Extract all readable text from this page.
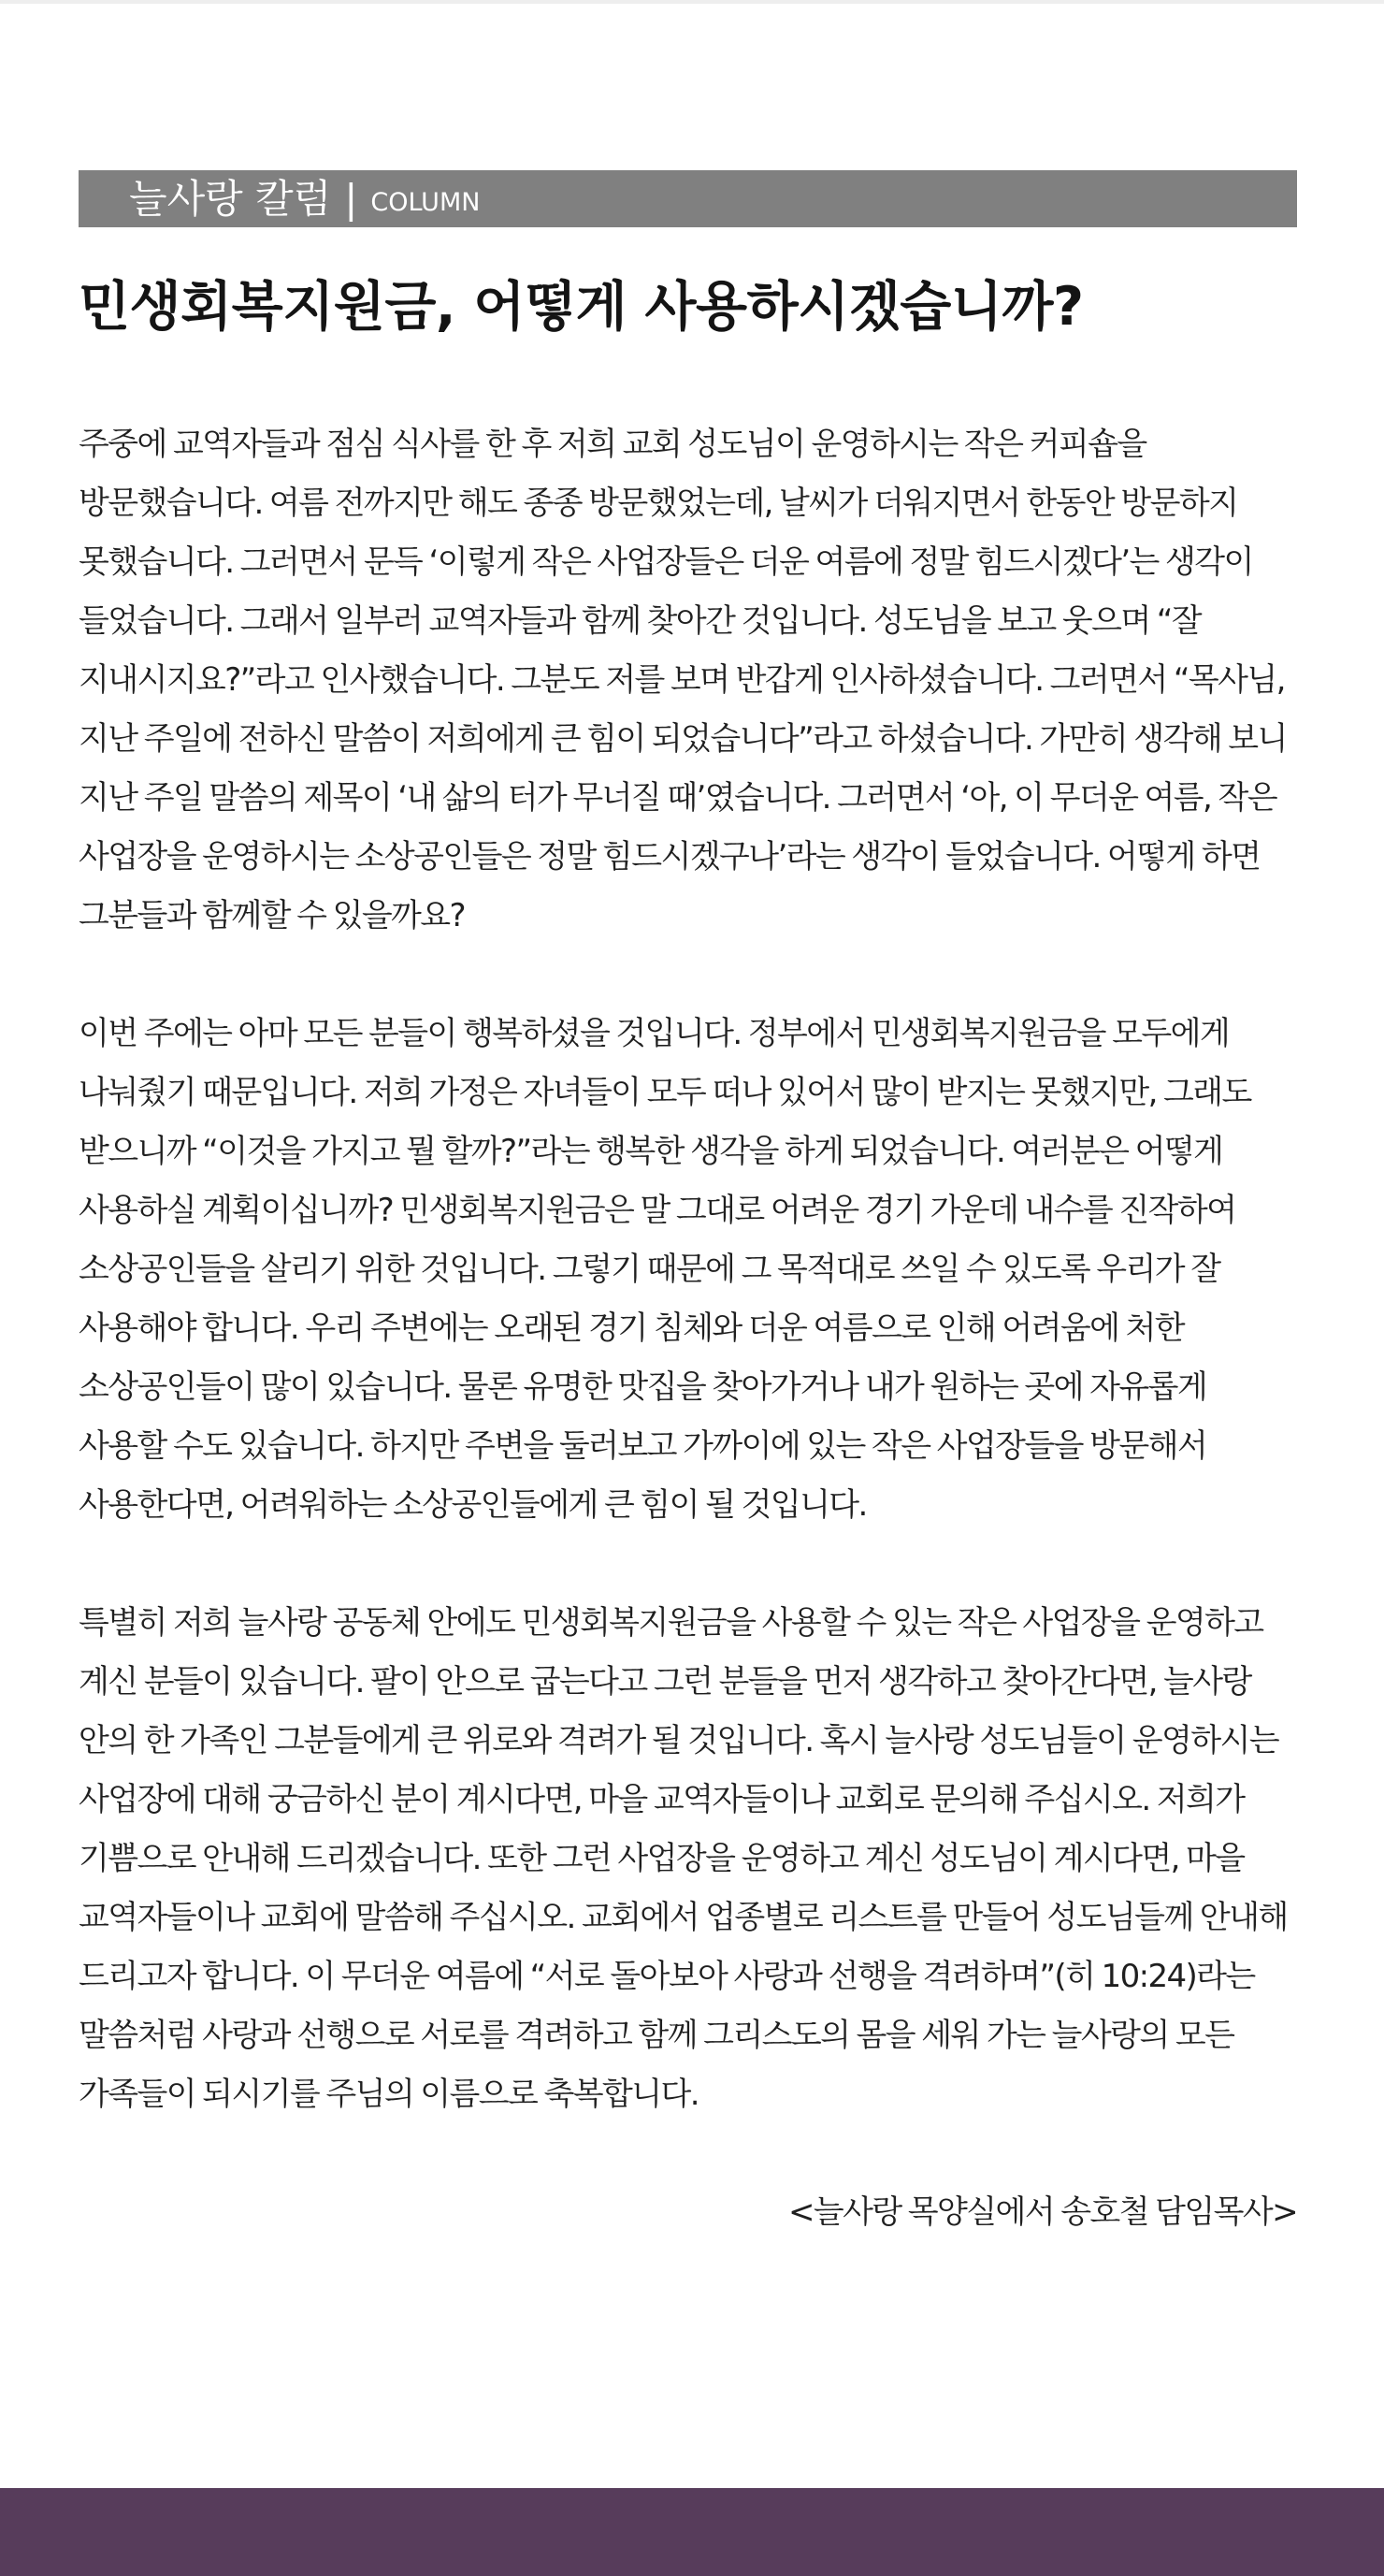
늘사랑 칼럼 | COLUMN
민생회복지원금, 어떻게 사용하시겠습니까?

주중에 교역자들과 점심 식사를 한 후 저희 교회 성도님이 운영하시는 작은 커피숍을 방문했습니다. 여름 전까지만 해도 종종 방문했었는데, 날씨가 더워지면서 한동안 방문하지 못했습니다. 그러면서 문득 ‘이렇게 작은 사업장들은 더운 여름에 정말 힘드시겠다’는 생각이 들었습니다. 그래서 일부러 교역자들과 함께 찾아간 것입니다. 성도님을 보고 웃으며 “잘 지내시지요?”라고 인사했습니다. 그분도 저를 보며 반갑게 인사하셨습니다. 그러면서 “목사님, 지난 주일에 전하신 말씀이 저희에게 큰 힘이 되었습니다”라고 하셨습니다. 가만히 생각해 보니 지난 주일 말씀의 제목이 ‘내 삶의 터가 무너질 때’였습니다. 그러면서 ‘아, 이 무더운 여름, 작은 사업장을 운영하시는 소상공인들은 정말 힘드시겠구나’라는 생각이 들었습니다. 어떻게 하면 그분들과 함께할 수 있을까요?

이번 주에는 아마 모든 분들이 행복하셨을 것입니다. 정부에서 민생회복지원금을 모두에게 나눠줬기 때문입니다. 저희 가정은 자녀들이 모두 떠나 있어서 많이 받지는 못했지만, 그래도 받으니까 “이것을 가지고 뭘 할까?”라는 행복한 생각을 하게 되었습니다. 여러분은 어떻게 사용하실 계획이십니까? 민생회복지원금은 말 그대로 어려운 경기 가운데 내수를 진작하여 소상공인들을 살리기 위한 것입니다. 그렇기 때문에 그 목적대로 쓰일 수 있도록 우리가 잘 사용해야 합니다. 우리 주변에는 오래된 경기 침체와 더운 여름으로 인해 어려움에 처한 소상공인들이 많이 있습니다. 물론 유명한 맛집을 찾아가거나 내가 원하는 곳에 자유롭게 사용할 수도 있습니다. 하지만 주변을 둘러보고 가까이에 있는 작은 사업장들을 방문해서 사용한다면, 어려워하는 소상공인들에게 큰 힘이 될 것입니다.

특별히 저희 늘사랑 공동체 안에도 민생회복지원금을 사용할 수 있는 작은 사업장을 운영하고 계신 분들이 있습니다. 팔이 안으로 굽는다고 그런 분들을 먼저 생각하고 찾아간다면, 늘사랑 안의 한 가족인 그분들에게 큰 위로와 격려가 될 것입니다. 혹시 늘사랑 성도님들이 운영하시는 사업장에 대해 궁금하신 분이 계시다면, 마을 교역자들이나 교회로 문의해 주십시오. 저희가 기쁨으로 안내해 드리겠습니다. 또한 그런 사업장을 운영하고 계신 성도님이 계시다면, 마을 교역자들이나 교회에 말씀해 주십시오. 교회에서 업종별로 리스트를 만들어 성도님들께 안내해 드리고자 합니다. 이 무더운 여름에 “서로 돌아보아 사랑과 선행을 격려하며”(히 10:24)라는 말씀처럼 사랑과 선행으로 서로를 격려하고 함께 그리스도의 몸을 세워 가는 늘사랑의 모든 가족들이 되시기를 주님의 이름으로 축복합니다.

<늘사랑 목양실에서 송호철 담임목사>
